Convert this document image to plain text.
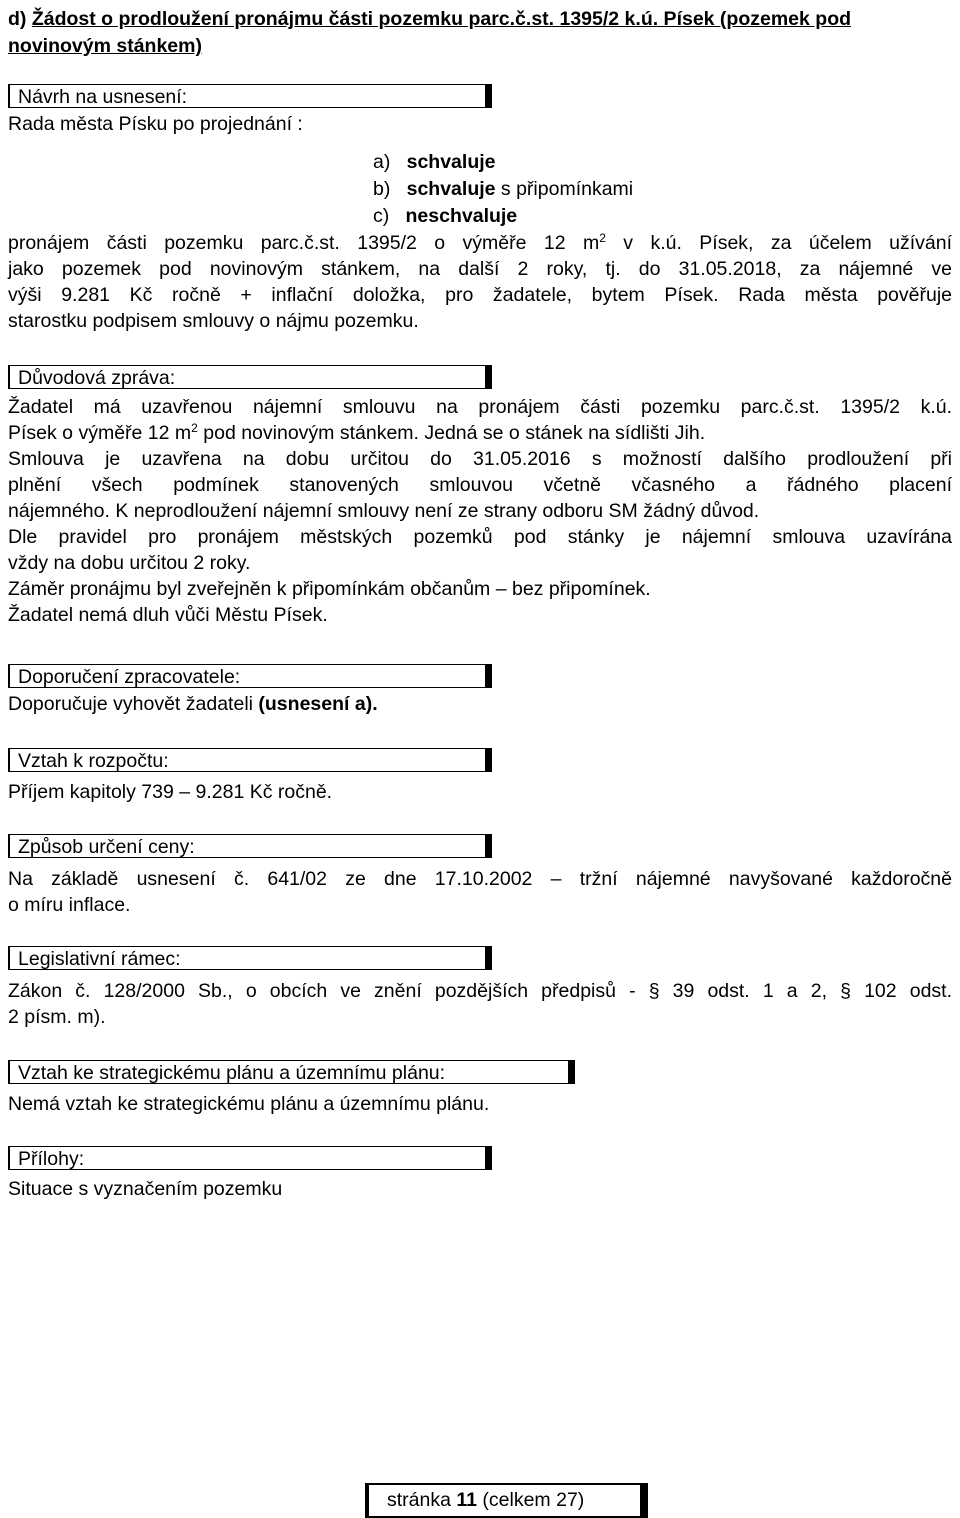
d) Žádost o prodloužení pronájmu části pozemku parc.č.st. 1395/2 k.ú. Písek (pozemek pod novinovým stánkem)
Návrh na usnesení:
Rada města Písku po projednání :
a) schvaluje
b) schvaluje s připomínkami
c) neschvaluje
pronájem části pozemku parc.č.st. 1395/2 o výměře 12 $m^2$ v k.ú. Písek, za účelem užívání
jako pozemek pod novinovým stánkem, na další 2 roky, tj. do 31.05.2018, za nájemné ve
výši 9.281 Kč ročně + inflační doložka, pro žadatele, bytem Písek. Rada města pověřuje
starostku podpisem smlouvy o nájmu pozemku.
Důvodová zpráva:
Žadatel má uzavřenou nájemní smlouvu na pronájem části pozemku parc.č.st. 1395/2 k.ú.
Písek o výměře 12 $m^2$ pod novinovým stánkem. Jedná se o stánek na sídlišti Jih.
Smlouva je uzavřena na dobu určitou do 31.05.2016 s možností dalšího prodloužení při
plnění všech podmínek stanovených smlouvou včetně včasného a řádného placení
nájemného. K neprodloužení nájemní smlouvy není ze strany odboru SM žádný důvod.
Dle pravidel pro pronájem městských pozemků pod stánky je nájemní smlouva uzavírána
vždy na dobu určitou 2 roky.
Záměr pronájmu byl zveřejněn k připomínkám občanům – bez připomínek.
Žadatel nemá dluh vůči Městu Písek.
Doporučení zpracovatele:
Doporučuje vyhovět žadateli (usnesení a).
Vztah k rozpočtu:
Příjem kapitoly 739 – 9.281 Kč ročně.
Způsob určení ceny:
Na základě usnesení č. 641/02 ze dne 17.10.2002 – tržní nájemné navyšované každoročně
o míru inflace.
Legislativní rámec:
Zákon č. 128/2000 Sb., o obcích ve znění pozdějších předpisů - § 39 odst. 1 a 2, § 102 odst.
2 písm. m).
Vztah ke strategickému plánu a územnímu plánu:
Nemá vztah ke strategickému plánu a územnímu plánu.
Přílohy:
Situace s vyznačením pozemku
stránka 11 (celkem 27)
